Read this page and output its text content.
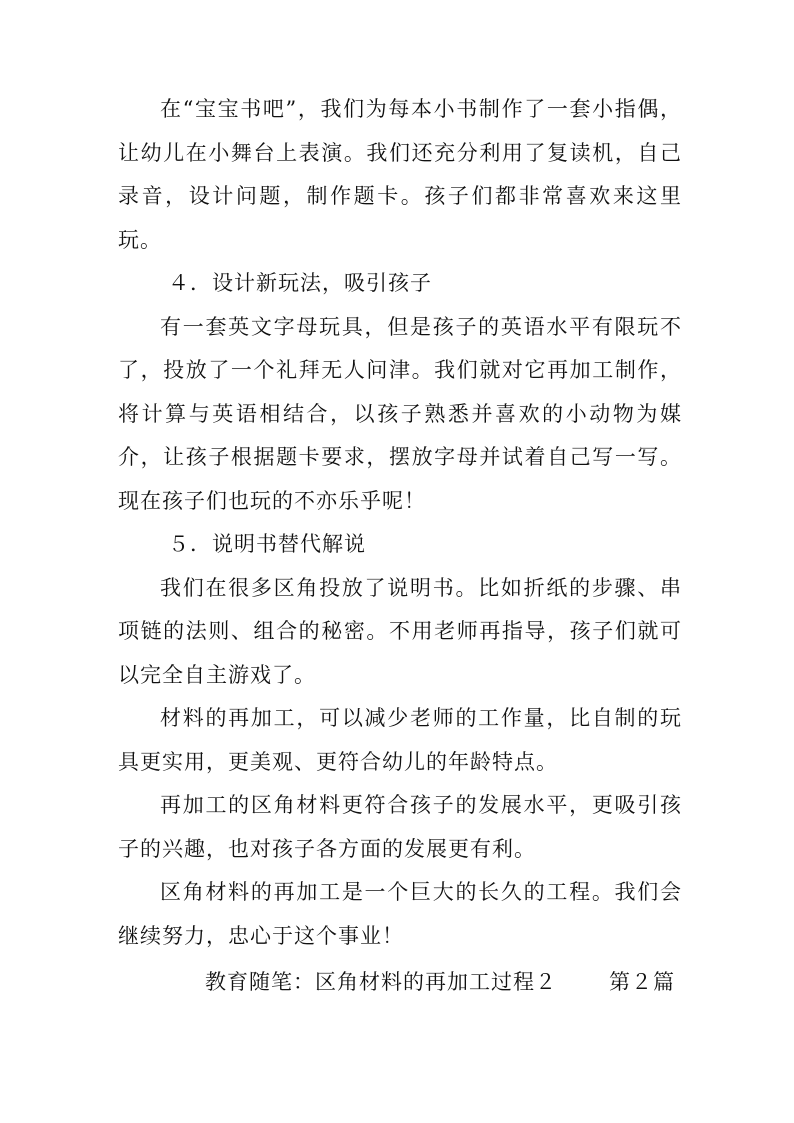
在“宝宝书吧”，我们为每本小书制作了一套小指偶，让幼儿在小舞台上表演。我们还充分利用了复读机，自己录音，设计问题，制作题卡。孩子们都非常喜欢来这里玩。

４．设计新玩法，吸引孩子

有一套英文字母玩具，但是孩子的英语水平有限玩不了，投放了一个礼拜无人问津。我们就对它再加工制作，将计算与英语相结合，以孩子熟悉并喜欢的小动物为媒介，让孩子根据题卡要求，摆放字母并试着自己写一写。现在孩子们也玩的不亦乐乎呢！

５．说明书替代解说

我们在很多区角投放了说明书。比如折纸的步骤、串项链的法则、组合的秘密。不用老师再指导，孩子们就可以完全自主游戏了。

材料的再加工，可以减少老师的工作量，比自制的玩具更实用，更美观、更符合幼儿的年龄特点。

再加工的区角材料更符合孩子的发展水平，更吸引孩子的兴趣，也对孩子各方面的发展更有利。

区角材料的再加工是一个巨大的长久的工程。我们会继续努力，忠心于这个事业！

教育随笔：区角材料的再加工过程２ 第２篇
